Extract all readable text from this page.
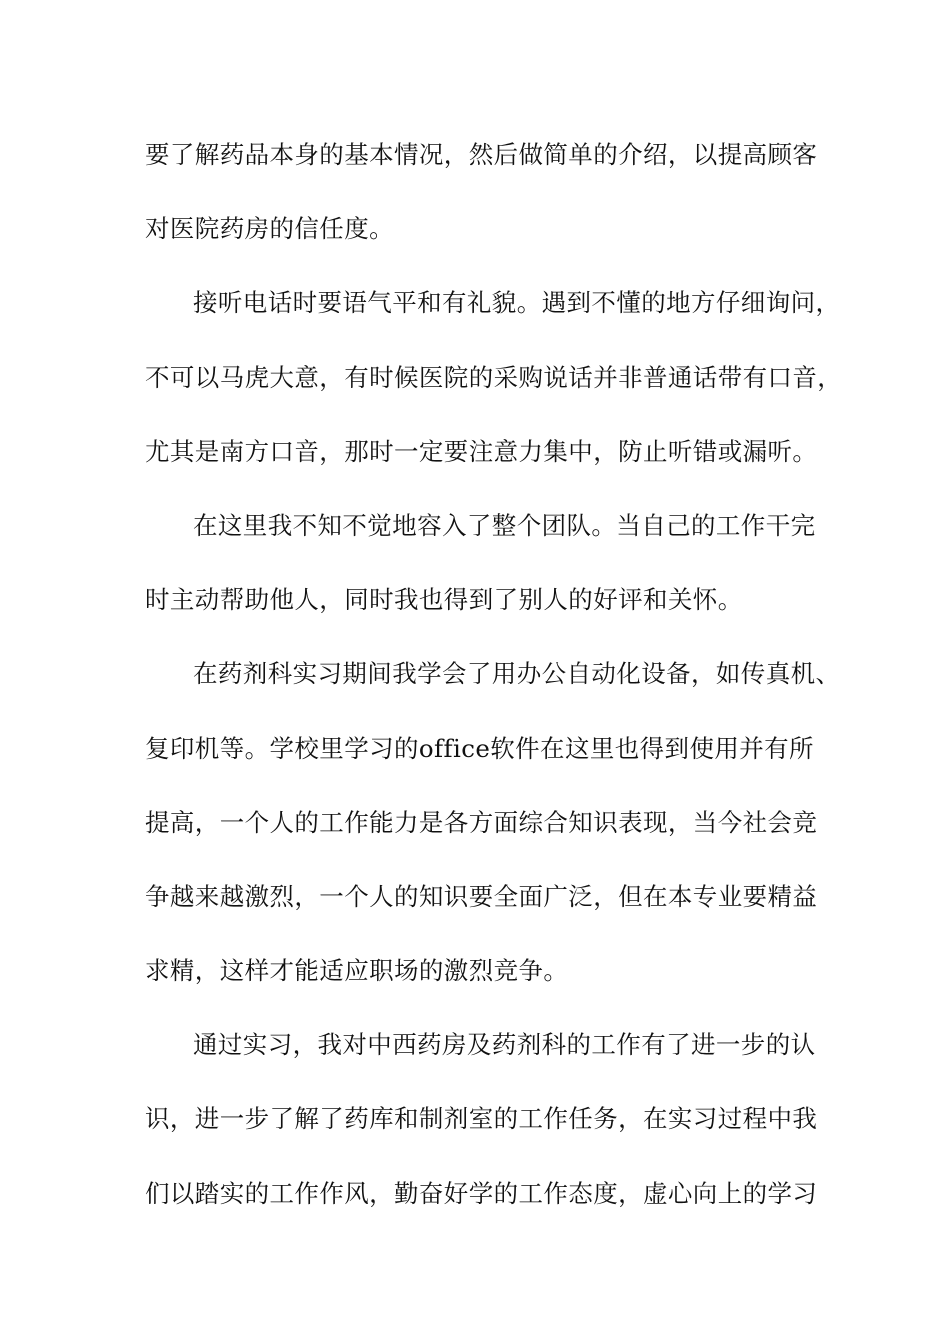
要了解药品本身的基本情况，然后做简单的介绍，以提高顾客
对医院药房的信任度。
接听电话时要语气平和有礼貌。遇到不懂的地方仔细询问，
不可以马虎大意，有时候医院的采购说话并非普通话带有口音，
尤其是南方口音，那时一定要注意力集中，防止听错或漏听。
在这里我不知不觉地容入了整个团队。当自己的工作干完
时主动帮助他人，同时我也得到了别人的好评和关怀。
在药剂科实习期间我学会了用办公自动化设备，如传真机、
复印机等。学校里学习的office软件在这里也得到使用并有所
提高，一个人的工作能力是各方面综合知识表现，当今社会竞
争越来越激烈，一个人的知识要全面广泛，但在本专业要精益
求精，这样才能适应职场的激烈竞争。
通过实习，我对中西药房及药剂科的工作有了进一步的认
识，进一步了解了药库和制剂室的工作任务，在实习过程中我
们以踏实的工作作风，勤奋好学的工作态度，虚心向上的学习
